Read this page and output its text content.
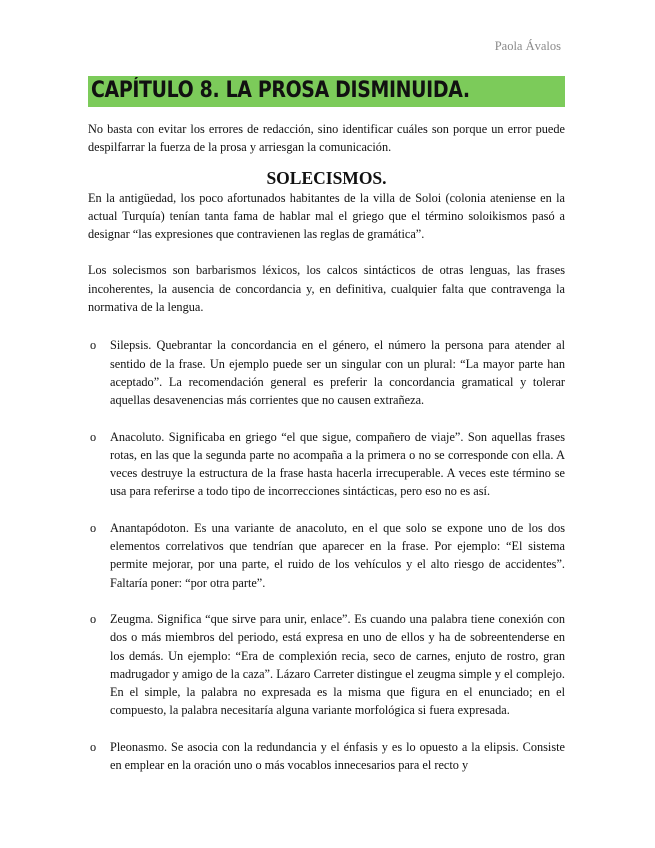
Paola Ávalos
CAPÍTULO 8. LA PROSA DISMINUIDA.

No basta con evitar los errores de redacción, sino identificar cuáles son porque un error puede despilfarrar la fuerza de la prosa y arriesgan la comunicación.

SOLECISMOS.

En la antigüedad, los poco afortunados habitantes de la villa de Soloi (colonia ateniense en la actual Turquía) tenían tanta fama de hablar mal el griego que el término soloikismos pasó a designar “las expresiones que contravienen las reglas de gramática”.

Los solecismos son barbarismos léxicos, los calcos sintácticos de otras lenguas, las frases incoherentes, la ausencia de concordancia y, en definitiva, cualquier falta que contravenga la normativa de la lengua.

o Silepsis. Quebrantar la concordancia en el género, el número la persona para atender al sentido de la frase. Un ejemplo puede ser un singular con un plural: “La mayor parte han aceptado”. La recomendación general es preferir la concordancia gramatical y tolerar aquellas desavenencias más corrientes que no causen extrañeza.
o Anacoluto. Significaba en griego “el que sigue, compañero de viaje”. Son aquellas frases rotas, en las que la segunda parte no acompaña a la primera o no se corresponde con ella. A veces destruye la estructura de la frase hasta hacerla irrecuperable. A veces este término se usa para referirse a todo tipo de incorrecciones sintácticas, pero eso no es así.
o Anantapódoton. Es una variante de anacoluto, en el que solo se expone uno de los dos elementos correlativos que tendrían que aparecer en la frase. Por ejemplo: “El sistema permite mejorar, por una parte, el ruido de los vehículos y el alto riesgo de accidentes”. Faltaría poner: “por otra parte”.
o Zeugma. Significa “que sirve para unir, enlace”. Es cuando una palabra tiene conexión con dos o más miembros del periodo, está expresa en uno de ellos y ha de sobreentenderse en los demás. Un ejemplo: “Era de complexión recia, seco de carnes, enjuto de rostro, gran madrugador y amigo de la caza”. Lázaro Carreter distingue el zeugma simple y el complejo. En el simple, la palabra no expresada es la misma que figura en el enunciado; en el compuesto, la palabra necesitaría alguna variante morfológica si fuera expresada.
o Pleonasmo. Se asocia con la redundancia y el énfasis y es lo opuesto a la elipsis. Consiste en emplear en la oración uno o más vocablos innecesarios para el recto y
